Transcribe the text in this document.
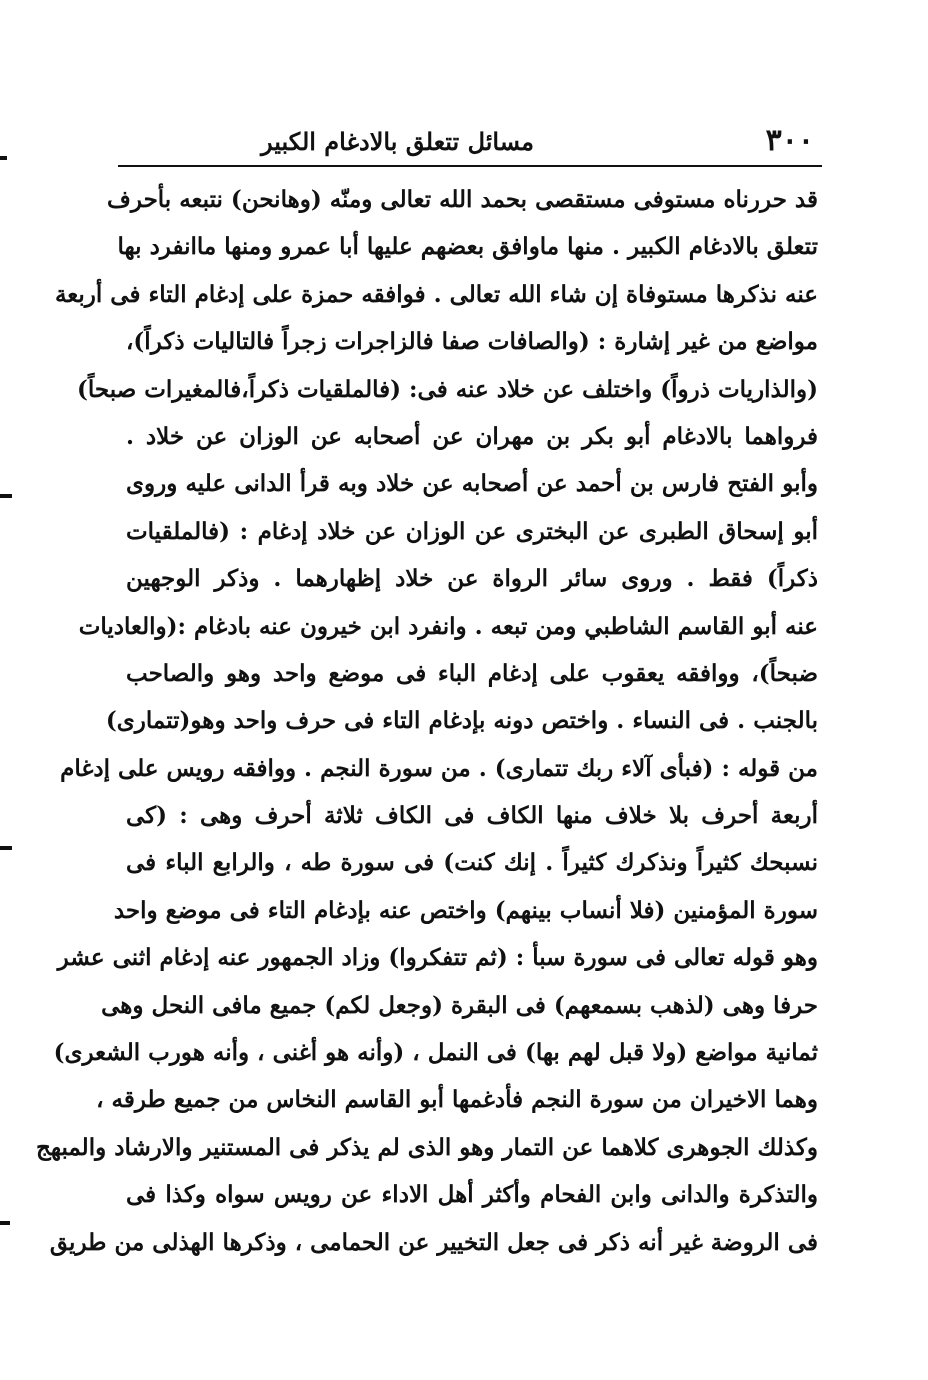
٣٠٠
مسائل تتعلق بالادغام الكبير
قد حررناه مستوفى مستقصى بحمد الله تعالى ومنّه (وهانحن) نتبعه بأحرف
تتعلق بالادغام الكبير . منها ماوافق بعضهم عليها أبا عمرو ومنها ماانفرد بها
عنه نذكرها مستوفاة إن شاء الله تعالى . فوافقه حمزة على إدغام التاء فى أربعة
مواضع من غير إشارة : (والصافات صفا فالزاجرات زجراً فالتاليات ذكراً)،
(والذاريات ذرواً) واختلف عن خلاد عنه فى: (فالملقيات ذكراً،فالمغيرات صبحاً)
فرواهما بالادغام أبو بكر بن مهران عن أصحابه عن الوزان عن خلاد .
وأبو الفتح فارس بن أحمد عن أصحابه عن خلاد وبه قرأ الدانى عليه وروى
أبو إسحاق الطبرى عن البخترى عن الوزان عن خلاد إدغام : (فالملقيات
ذكراً) فقط . وروى سائر الرواة عن خلاد إظهارهما . وذكر الوجهين
عنه أبو القاسم الشاطبي ومن تبعه . وانفرد ابن خيرون عنه بادغام :(والعاديات
ضبحاً)، ووافقه يعقوب على إدغام الباء فى موضع واحد وهو والصاحب
بالجنب . فى النساء . واختص دونه بإدغام التاء فى حرف واحد وهو(تتمارى)
من قوله : (فبأى آلاء ربك تتمارى) . من سورة النجم . ووافقه رويس على إدغام
أربعة أحرف بلا خلاف منها الكاف فى الكاف ثلاثة أحرف وهى : (كى
نسبحك كثيراً ونذكرك كثيراً . إنك كنت) فى سورة طه ، والرابع الباء فى
سورة المؤمنين (فلا أنساب بينهم) واختص عنه بإدغام التاء فى موضع واحد
وهو قوله تعالى فى سورة سبأ : (ثم تتفكروا) وزاد الجمهور عنه إدغام اثنى عشر
حرفا وهى (لذهب بسمعهم) فى البقرة (وجعل لكم) جميع مافى النحل وهى
ثمانية مواضع (ولا قبل لهم بها) فى النمل ، (وأنه هو أغنى ، وأنه هورب الشعرى)
وهما الاخيران من سورة النجم فأدغمها أبو القاسم النخاس من جميع طرقه ،
وكذلك الجوهرى كلاهما عن التمار وهو الذى لم يذكر فى المستنير والارشاد والمبهج
والتذكرة والدانى وابن الفحام وأكثر أهل الاداء عن رويس سواه وكذا فى
فى الروضة غير أنه ذكر فى جعل التخيير عن الحمامى ، وذكرها الهذلى من طريق
